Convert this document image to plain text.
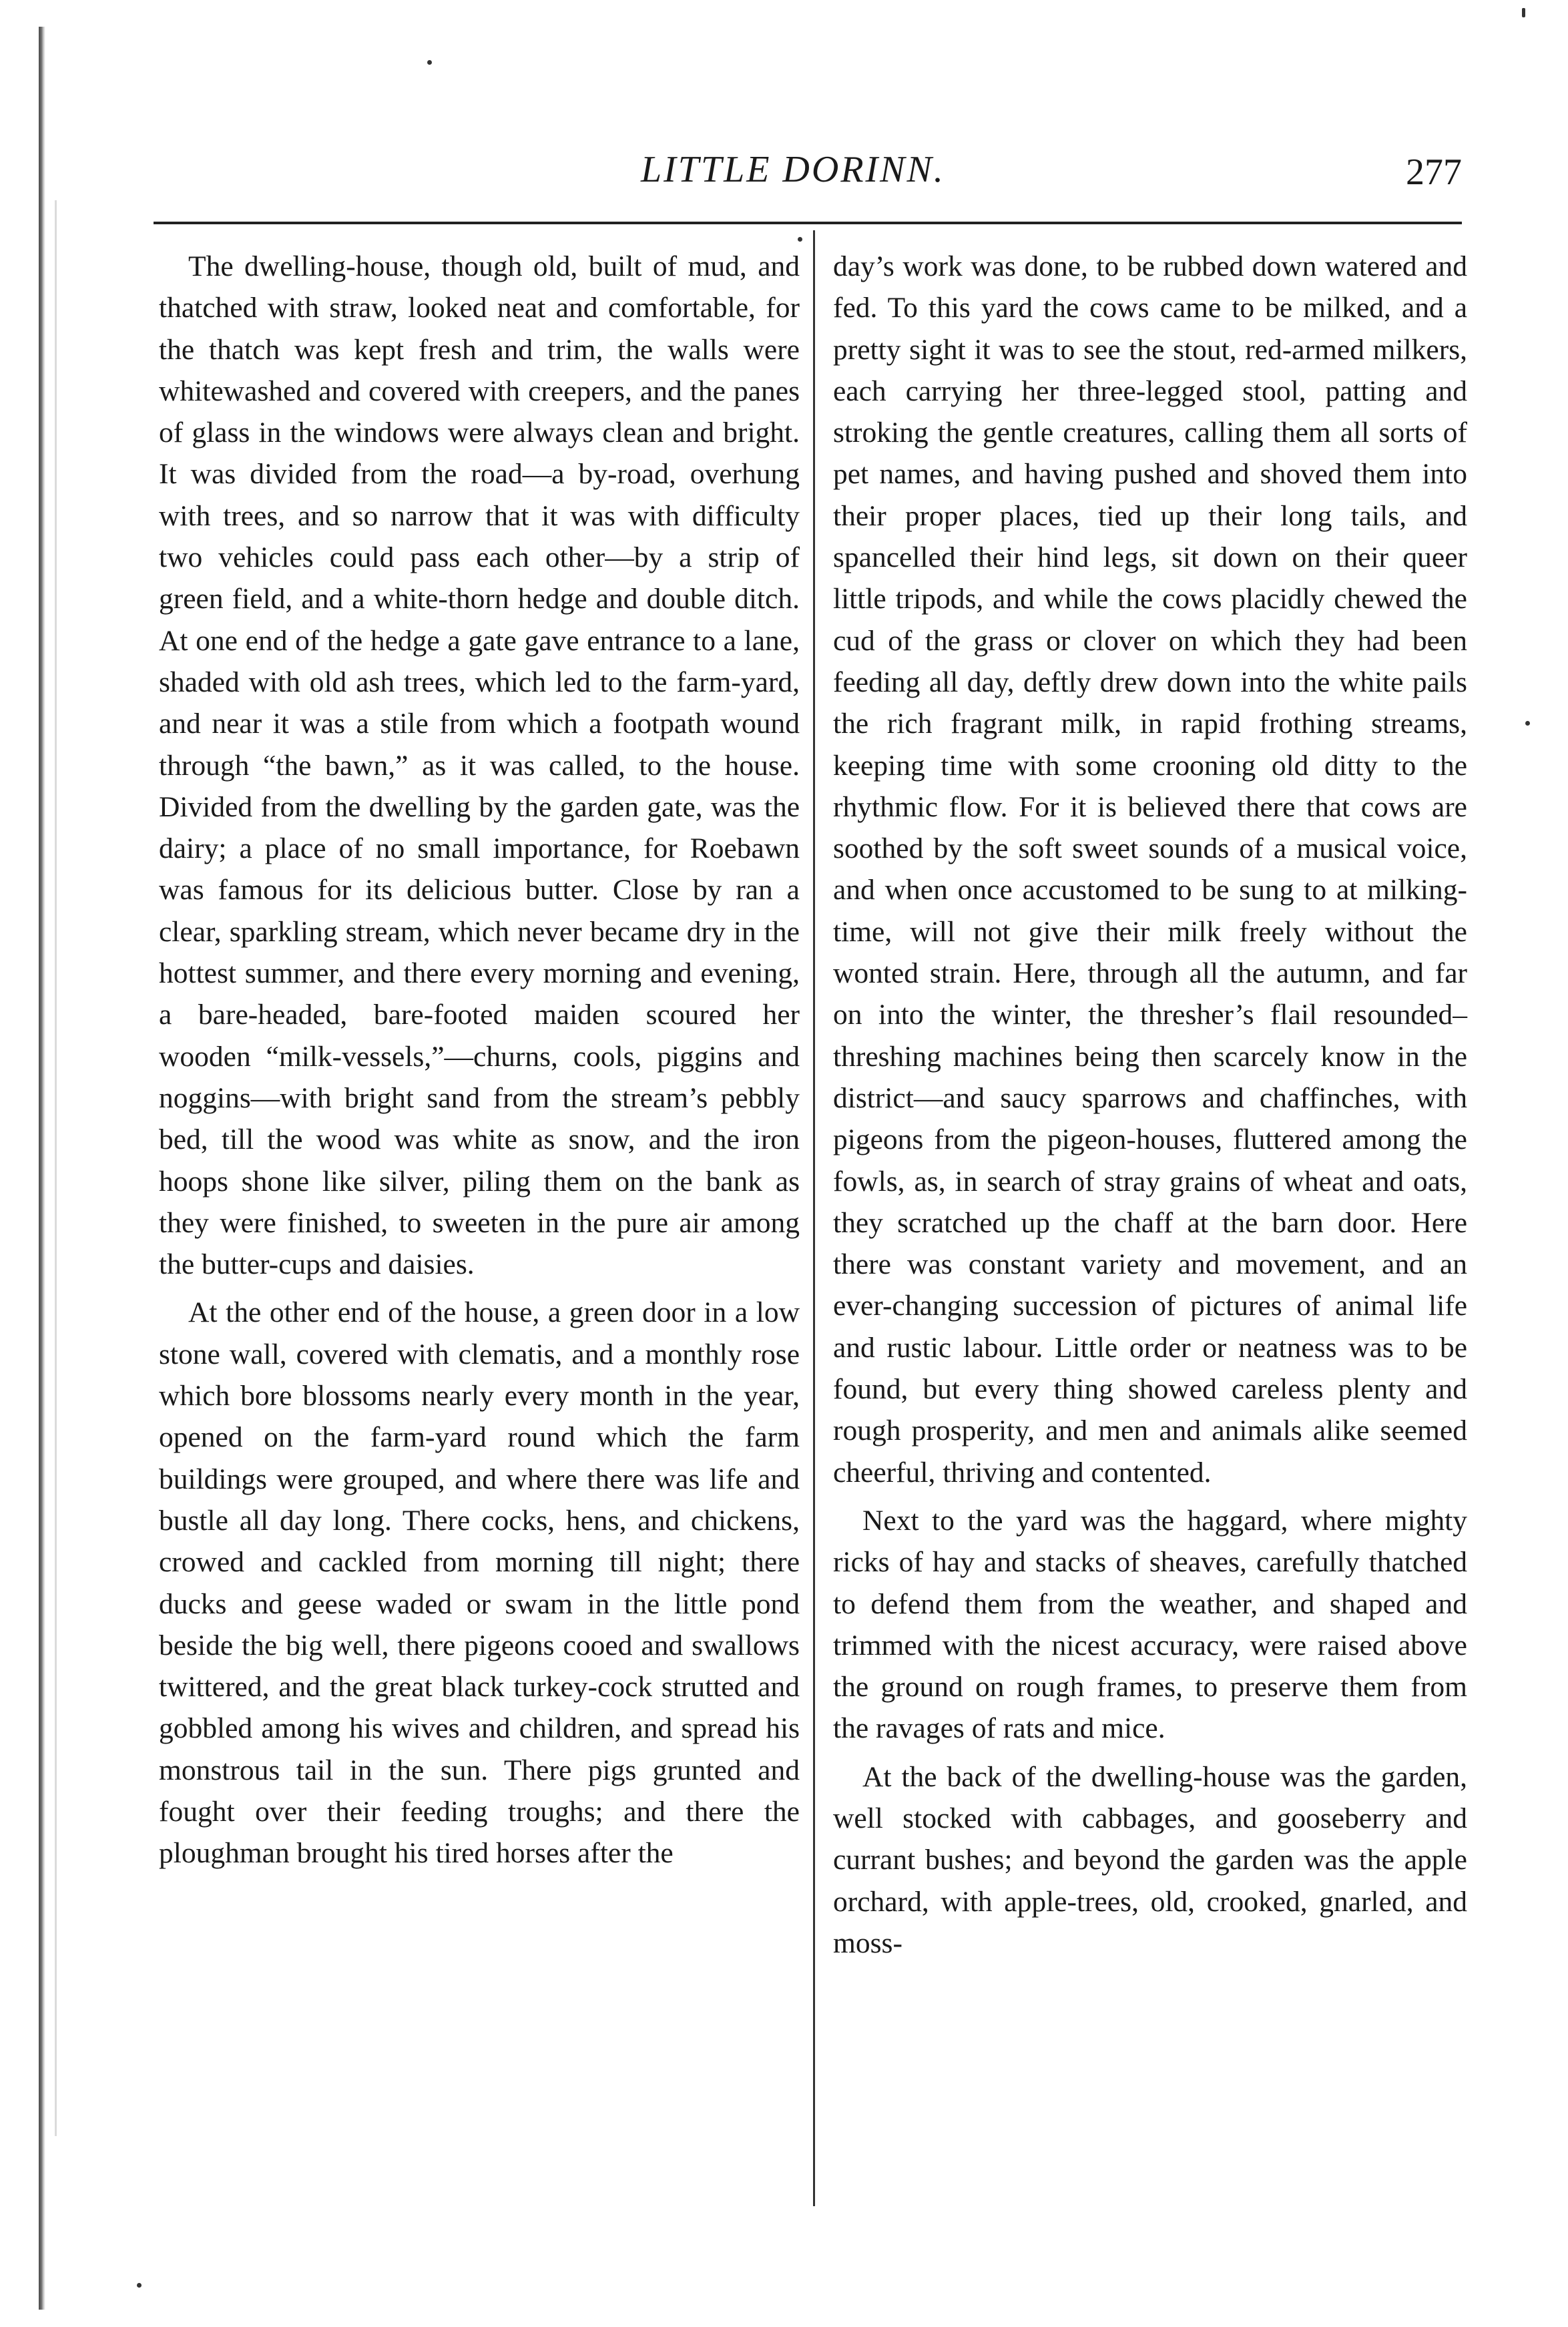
LITTLE DORINN.	277

The dwelling-house, though old, built of mud, and thatched with straw, looked neat and comfortable, for the thatch was kept fresh and trim, the walls were whitewashed and covered with creepers, and the panes of glass in the windows were always clean and bright. It was divided from the road—a by-road, overhung with trees, and so narrow that it was with difficulty two vehicles could pass each other—by a strip of green field, and a white-thorn hedge and double ditch. At one end of the hedge a gate gave entrance to a lane, shaded with old ash trees, which led to the farm-yard, and near it was a stile from which a footpath wound through “the bawn,” as it was called, to the house. Divided from the dwelling by the garden gate, was the dairy; a place of no small importance, for Roebawn was famous for its delicious butter. Close by ran a clear, sparkling stream, which never became dry in the hottest summer, and there every morning and evening, a bare-headed, bare-footed maiden scoured her wooden “milk-vessels,”—churns, cools, piggins and noggins—with bright sand from the stream’s pebbly bed, till the wood was white as snow, and the iron hoops shone like silver, piling them on the bank as they were finished, to sweeten in the pure air among the butter-cups and daisies.

At the other end of the house, a green door in a low stone wall, covered with clematis, and a monthly rose which bore blossoms nearly every month in the year, opened on the farm-yard round which the farm buildings were grouped, and where there was life and bustle all day long. There cocks, hens, and chickens, crowed and cackled from morning till night; there ducks and geese waded or swam in the little pond beside the big well, there pigeons cooed and swallows twittered, and the great black turkey-cock strutted and gobbled among his wives and children, and spread his monstrous tail in the sun. There pigs grunted and fought over their feeding troughs; and there the ploughman brought his tired horses after the

day’s work was done, to be rubbed down watered and fed. To this yard the cows came to be milked, and a pretty sight it was to see the stout, red-armed milkers, each carrying her three-legged stool, patting and stroking the gentle creatures, calling them all sorts of pet names, and having pushed and shoved them into their proper places, tied up their long tails, and spancelled their hind legs, sit down on their queer little tripods, and while the cows placidly chewed the cud of the grass or clover on which they had been feeding all day, deftly drew down into the white pails the rich fragrant milk, in rapid frothing streams, keeping time with some crooning old ditty to the rhythmic flow. For it is believed there that cows are soothed by the soft sweet sounds of a musical voice, and when once accustomed to be sung to at milking-time, will not give their milk freely without the wonted strain. Here, through all the autumn, and far on into the winter, the thresher’s flail resounded–threshing machines being then scarcely know in the district—and saucy sparrows and chaffinches, with pigeons from the pigeon-houses, fluttered among the fowls, as, in search of stray grains of wheat and oats, they scratched up the chaff at the barn door. Here there was constant variety and movement, and an ever-changing succession of pictures of animal life and rustic labour. Little order or neatness was to be found, but every thing showed careless plenty and rough prosperity, and men and animals alike seemed cheerful, thriving and contented.

Next to the yard was the haggard, where mighty ricks of hay and stacks of sheaves, carefully thatched to defend them from the weather, and shaped and trimmed with the nicest accuracy, were raised above the ground on rough frames, to preserve them from the ravages of rats and mice.

At the back of the dwelling-house was the garden, well stocked with cabbages, and gooseberry and currant bushes; and beyond the garden was the apple orchard, with apple-trees, old, crooked, gnarled, and moss-
